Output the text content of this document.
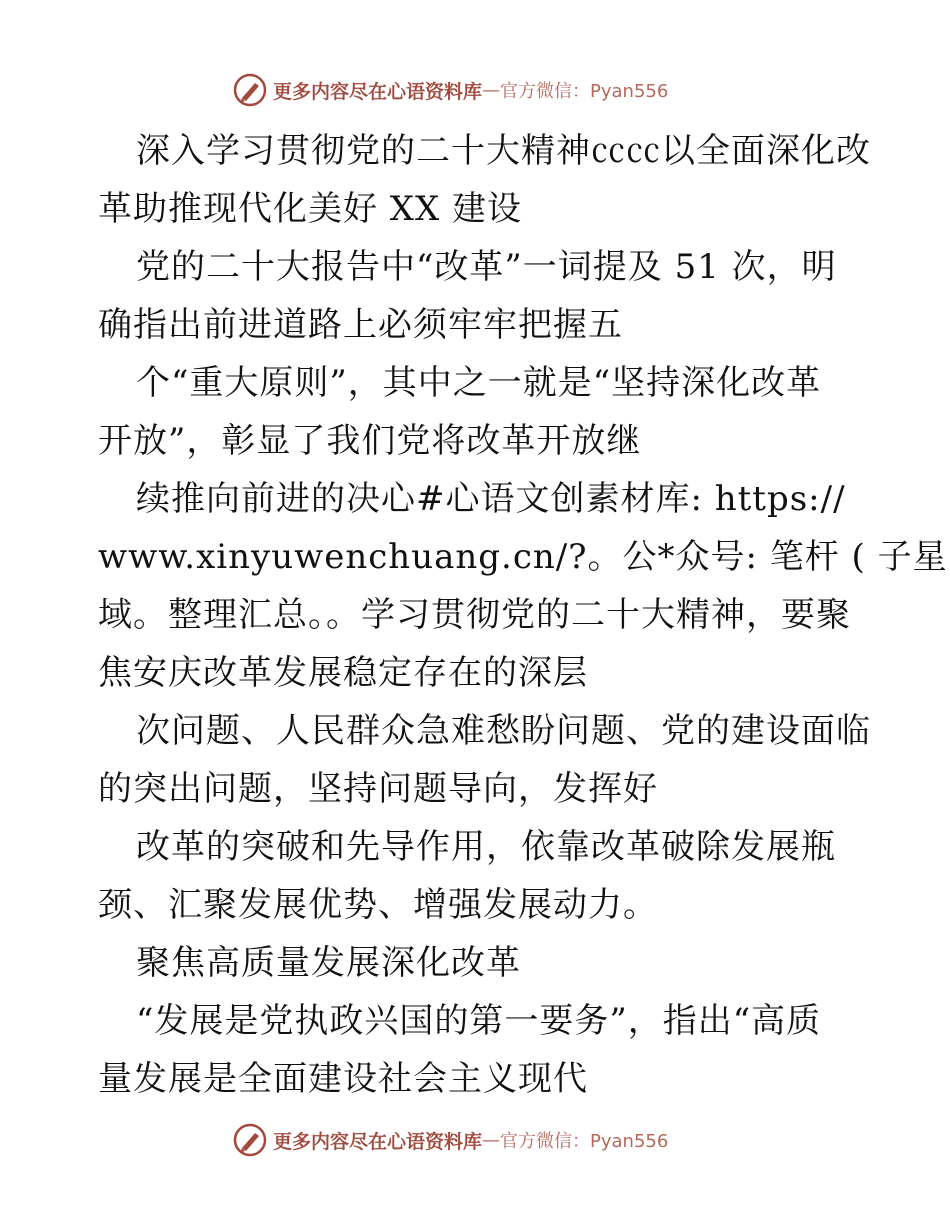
更多内容尽在心语资料库 — 官方微信：Pyan556
深入学习贯彻党的二十大精神㏄㏄以全面深化改
革助推现代化美好 XX 建设
党的二十大报告中“改革”一词提及 51 次，明
确指出前进道路上必须牢牢把握五
个“重大原则”，其中之一就是“坚持深化改革
开放”，彰显了我们党将改革开放继
续推向前进的决心#心语文创素材库: https://
www.xinyuwenchuang.cn/?。公*众号: 笔杆 ( 子星
域。整理汇总。。学习贯彻党的二十大精神，要聚
焦安庆改革发展稳定存在的深层
次问题、人民群众急难愁盼问题、党的建设面临
的突出问题，坚持问题导向，发挥好
改革的突破和先导作用，依靠改革破除发展瓶
颈、汇聚发展优势、增强发展动力。
聚焦高质量发展深化改革
“发展是党执政兴国的第一要务”，指出“高质
量发展是全面建设社会主义现代
更多内容尽在心语资料库 — 官方微信：Pyan556
